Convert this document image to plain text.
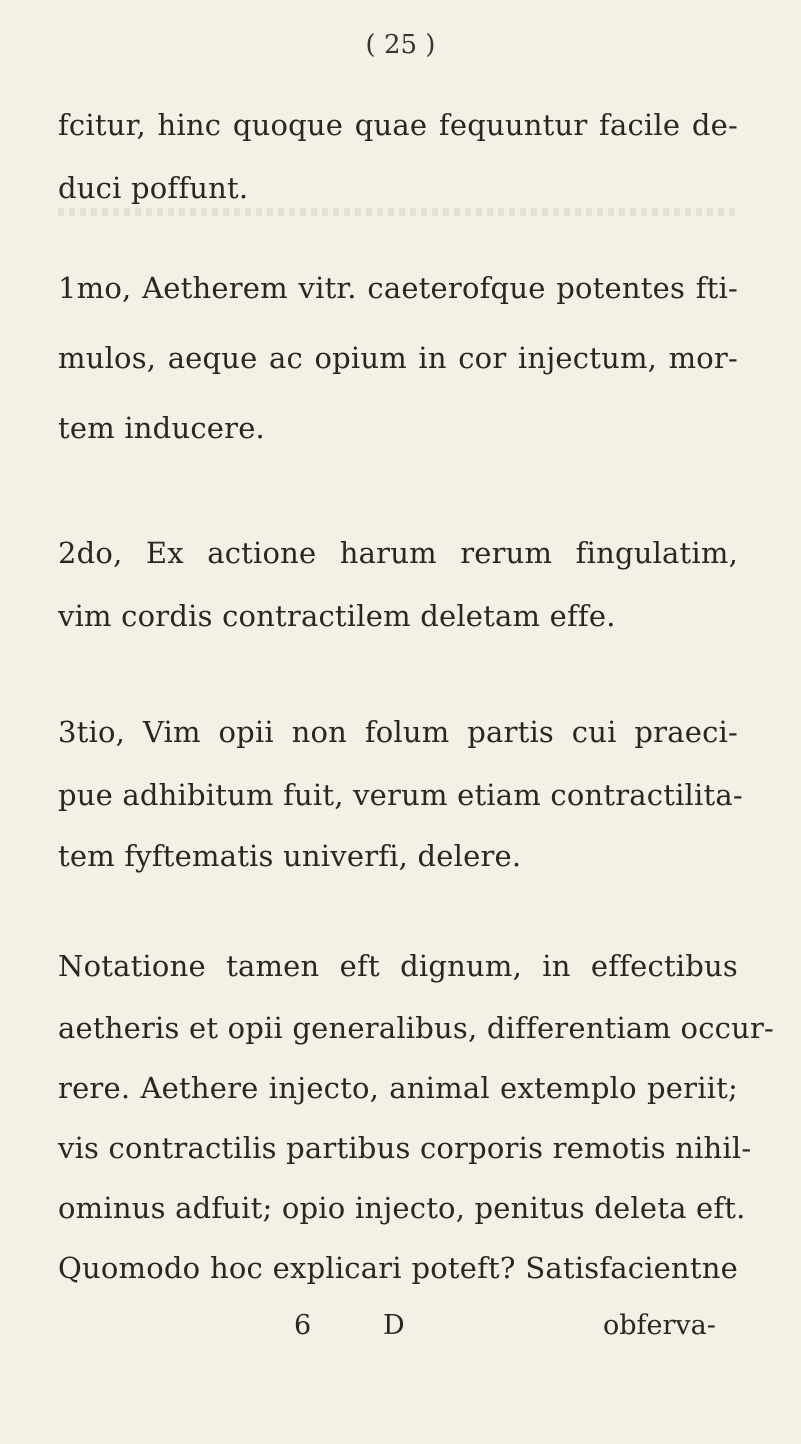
( 25 )
fcitur, hinc quoque quae fequuntur facile de-
duci poffunt.
1mo, Aetherem vitr. caeterofque potentes fti-
mulos, aeque ac opium in cor injectum, mor-
tem inducere.
2do, Ex actione harum rerum fingulatim,
vim cordis contractilem deletam effe.
3tio, Vim opii non folum partis cui praeci-
pue adhibitum fuit, verum etiam contractilita-
tem fyftematis univerfi, delere.
Notatione tamen eft dignum, in effectibus
aetheris et opii generalibus, differentiam occur-
rere. Aethere injecto, animal extemplo periit;
vis contractilis partibus corporis remotis nihil-
ominus adfuit; opio injecto, penitus deleta eft.
Quomodo hoc explicari poteft? Satisfacientne
6	D	obferva-
